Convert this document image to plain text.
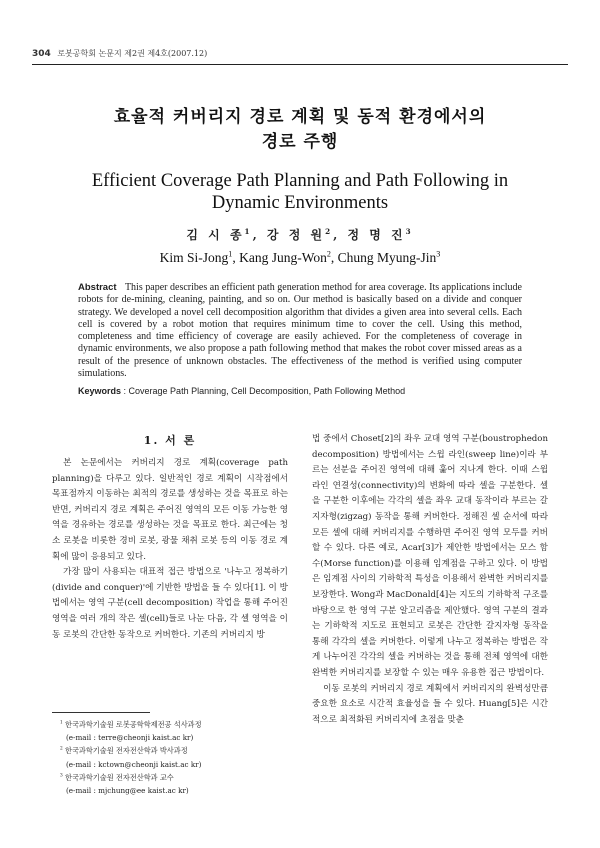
304 로봇공학회 논문지 제2권 제4호(2007.12)
효율적 커버리지 경로 계획 및 동적 환경에서의
경로 주행
Efficient Coverage Path Planning and Path Following in
Dynamic Environments
김 시 종$^1$, 강 정 원$^2$, 정 명 진$^3$
Kim Si-Jong$^1$, Kang Jung-Won$^2$, Chung Myung-Jin$^3$
Abstract This paper describes an efficient path generation method for area coverage. Its applications include robots for de-mining, cleaning, painting, and so on. Our method is basically based on a divide and conquer strategy. We developed a novel cell decomposition algorithm that divides a given area into several cells. Each cell is covered by a robot motion that requires minimum time to cover the cell. Using this method, completeness and time efficiency of coverage are easily achieved. For the completeness of coverage in dynamic environments, we also propose a path following method that makes the robot cover missed areas as a result of the presence of unknown obstacles. The effectiveness of the method is verified using computer simulations.
Keywords : Coverage Path Planning, Cell Decomposition, Path Following Method
1. 서 론

본 논문에서는 커버리지 경로 계획(coverage path planning)을 다루고 있다. 일반적인 경로 계획이 시작점에서 목표점까지 이동하는 최적의 경로를 생성하는 것을 목표로 하는 반면, 커버리지 경로 계획은 주어진 영역의 모든 이동 가능한 영역을 경유하는 경로를 생성하는 것을 목표로 한다. 최근에는 청소 로봇을 비롯한 경비 로봇, 광물 채취 로봇 등의 이동 경로 계획에 많이 응용되고 있다.

가장 많이 사용되는 대표적 접근 방법으로 '나누고 정복하기(divide and conquer)'에 기반한 방법을 들 수 있다[1]. 이 방법에서는 영역 구분(cell decomposition) 작업을 통해 주어진 영역을 여러 개의 작은 셀(cell)들로 나눈 다음, 각 셀 영역을 이동 로봇의 간단한 동작으로 커버한다. 기존의 커버리지 방

법 중에서 Choset[2]의 좌우 교대 영역 구분(boustrophedon decomposition) 방법에서는 스윕 라인(sweep line)이라 부르는 선분을 주어진 영역에 대해 훑어 지나게 한다. 이때 스윕 라인 연결성(connectivity)의 변화에 따라 셀을 구분한다. 셀을 구분한 이후에는 각각의 셀을 좌우 교대 동작이라 부르는 갈지자형(zigzag) 동작을 통해 커버한다. 정해진 셀 순서에 따라 모든 셀에 대해 커버리지를 수행하면 주어진 영역 모두를 커버할 수 있다. 다른 예로, Acar[3]가 제안한 방법에서는 모스 함수(Morse function)를 이용해 임계점을 구하고 있다. 이 방법은 임계점 사이의 기하학적 특성을 이용해서 완벽한 커버리지를 보장한다. Wong과 MacDonald[4]는 지도의 기하학적 구조를 바탕으로 한 영역 구분 알고리즘을 제안했다. 영역 구분의 결과는 기하학적 지도로 표현되고 로봇은 간단한 갈지자형 동작을 통해 각각의 셀을 커버한다. 이렇게 나누고 정복하는 방법은 작게 나누어진 각각의 셀을 커버하는 것을 통해 전체 영역에 대한 완벽한 커버리지를 보장할 수 있는 매우 유용한 접근 방법이다.

이동 로봇의 커버리지 경로 계획에서 커버리지의 완벽성만큼 중요한 요소로 시간적 효율성을 들 수 있다. Huang[5]은 시간적으로 최적화된 커버리지에 초점을 맞춘

$^1$ 한국과학기술원 로봇공학학제전공 석사과정
(e-mail : terre@cheonji kaist.ac kr)
$^2$ 한국과학기술원 전자전산학과 박사과정
(e-mail : kctown@cheonji kaist.ac kr)
$^3$ 한국과학기술원 전자전산학과 교수
(e-mail : mjchung@ee kaist.ac kr)
